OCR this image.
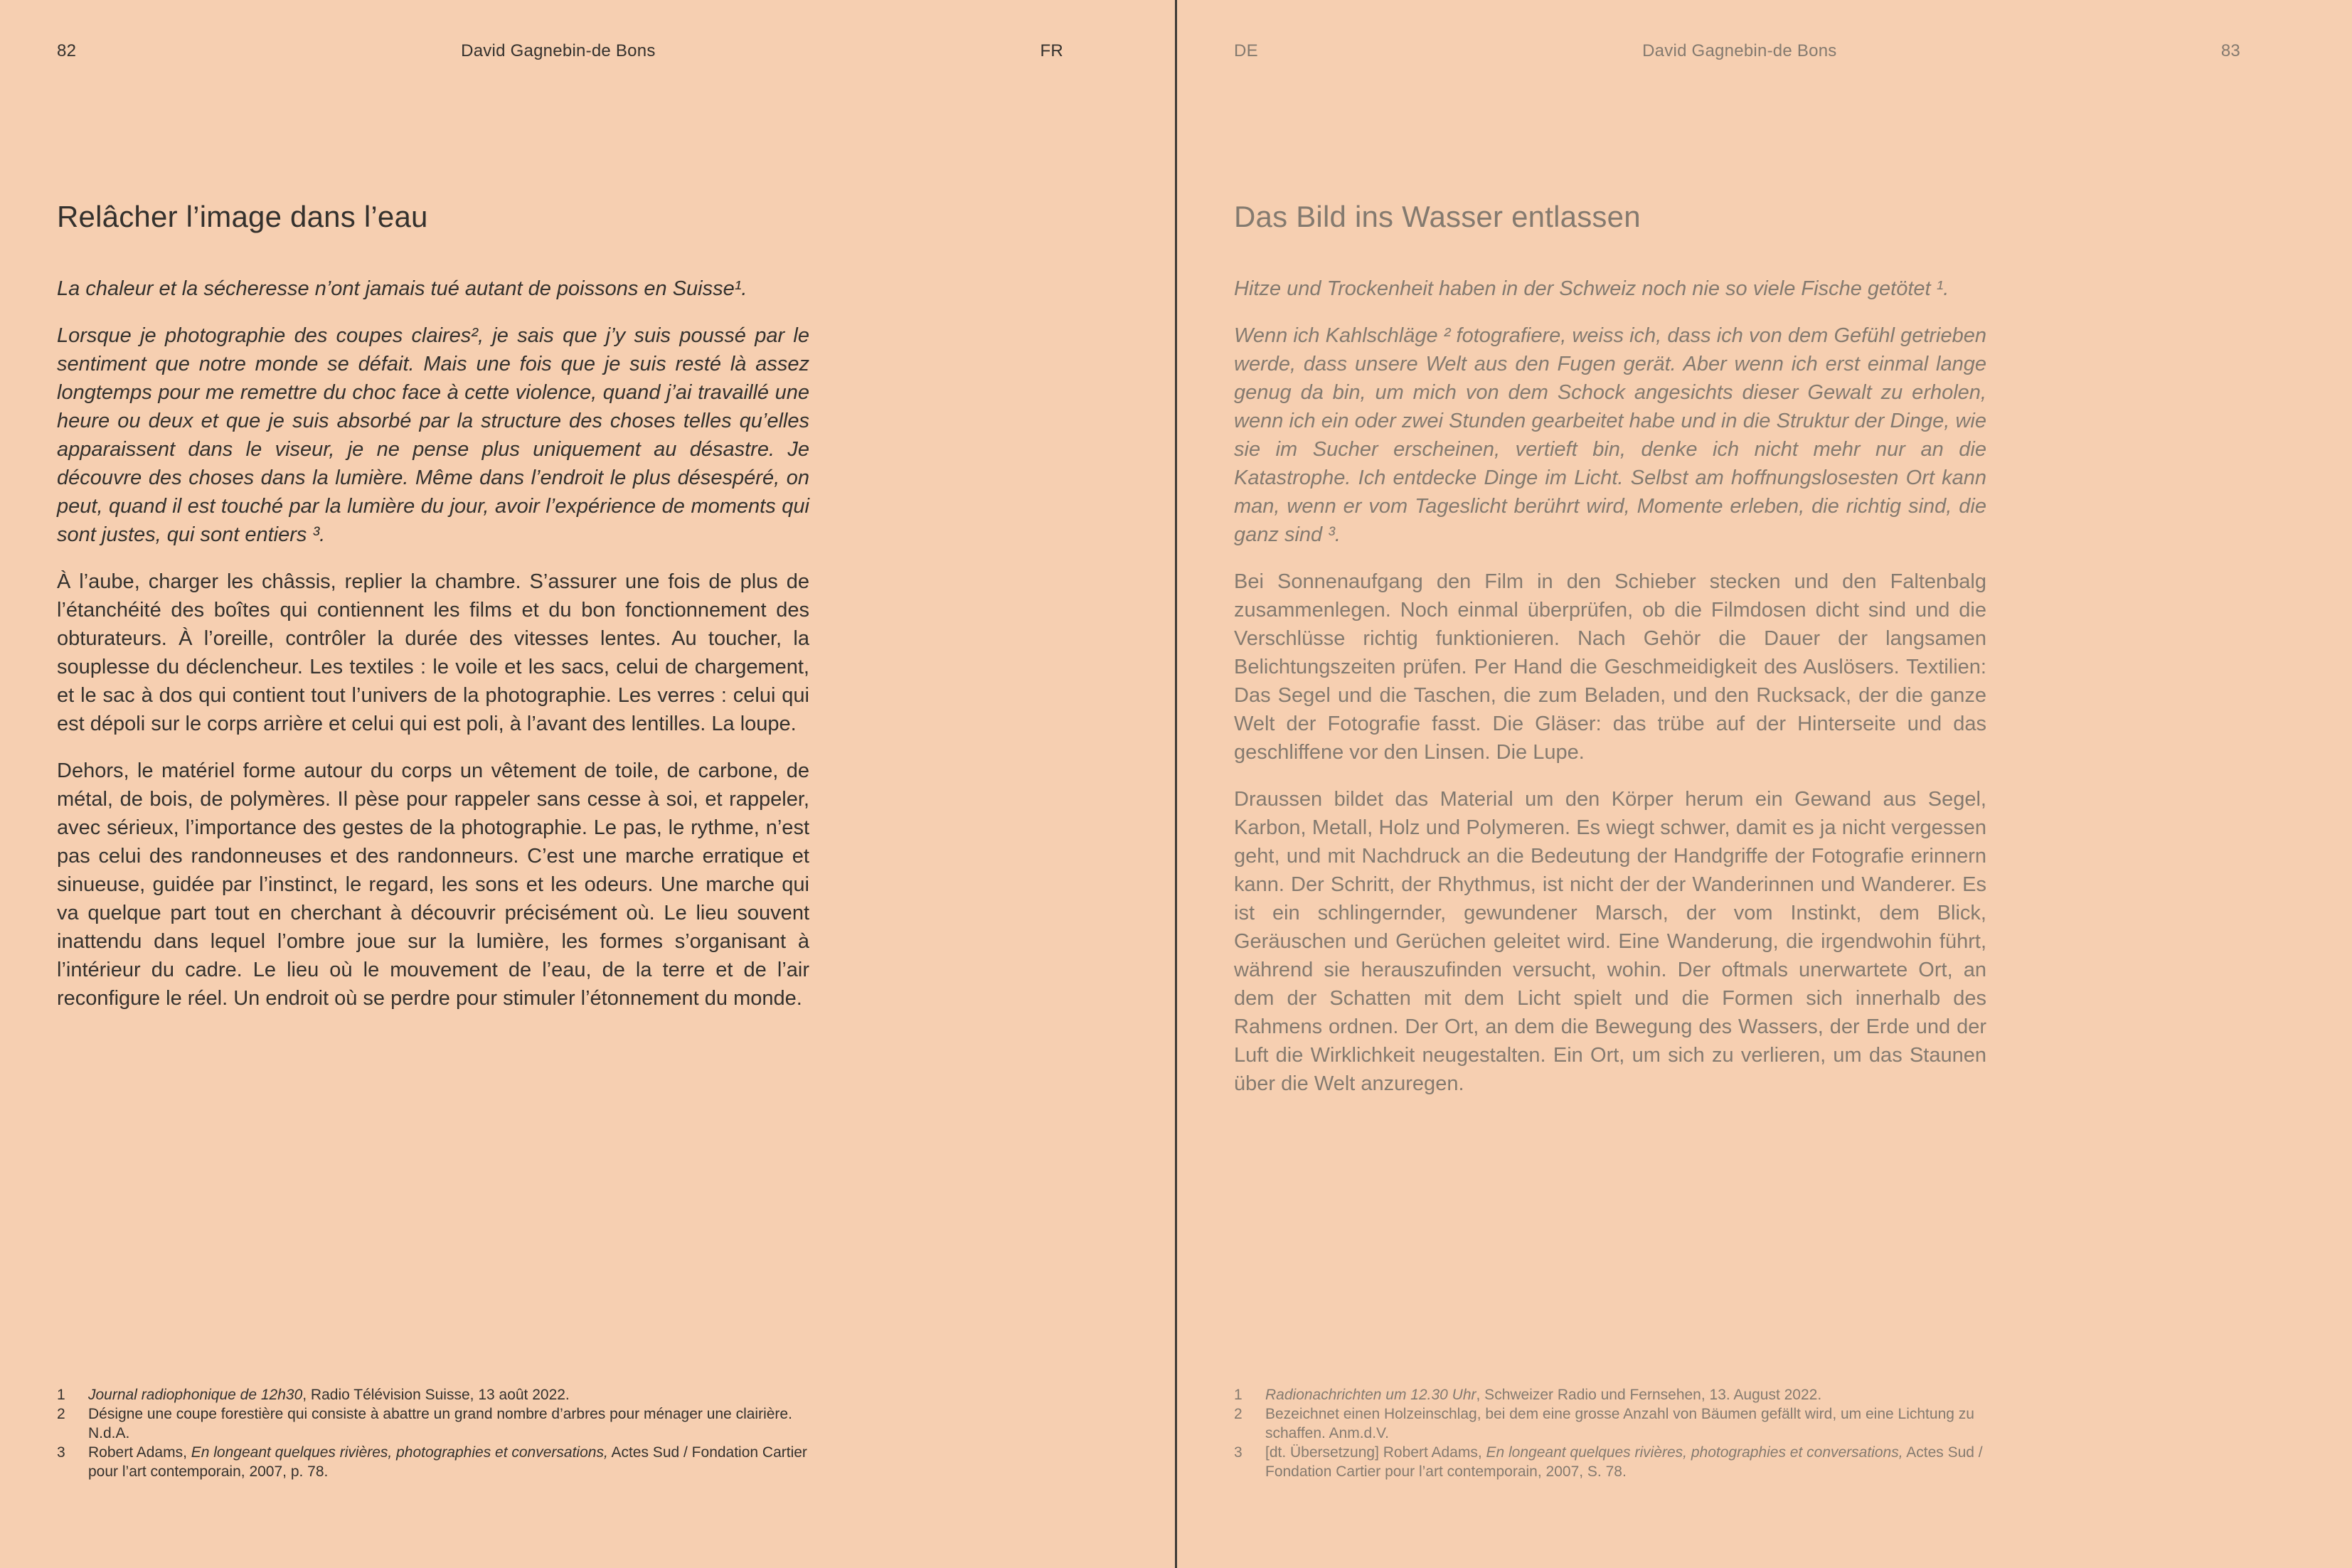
82	David Gagnebin-de Bons	FR
Relâcher l’image dans l’eau

La chaleur et la sécheresse n’ont jamais tué autant de poissons en Suisse¹.

Lorsque je photographie des coupes claires², je sais que j’y suis poussé par le sentiment que notre monde se défait. Mais une fois que je suis resté là assez longtemps pour me remettre du choc face à cette violence, quand j’ai travaillé une heure ou deux et que je suis absorbé par la structure des choses telles qu’elles apparaissent dans le viseur, je ne pense plus uniquement au désastre. Je découvre des choses dans la lumière. Même dans l’endroit le plus désespéré, on peut, quand il est touché par la lumière du jour, avoir l’expérience de moments qui sont justes, qui sont entiers ³.

À l’aube, charger les châssis, replier la chambre. S’assurer une fois de plus de l’étanchéité des boîtes qui contiennent les films et du bon fonctionnement des obturateurs. À l’oreille, contrôler la durée des vitesses lentes. Au toucher, la souplesse du déclencheur. Les textiles : le voile et les sacs, celui de chargement, et le sac à dos qui contient tout l’univers de la photographie. Les verres : celui qui est dépoli sur le corps arrière et celui qui est poli, à l’avant des lentilles. La loupe.

Dehors, le matériel forme autour du corps un vêtement de toile, de carbone, de métal, de bois, de polymères. Il pèse pour rappeler sans cesse à soi, et rappeler, avec sérieux, l’importance des gestes de la photographie. Le pas, le rythme, n’est pas celui des randonneuses et des randonneurs. C’est une marche erratique et sinueuse, guidée par l’instinct, le regard, les sons et les odeurs. Une marche qui va quelque part tout en cherchant à découvrir précisément où. Le lieu souvent inattendu dans lequel l’ombre joue sur la lumière, les formes s’organisant à l’intérieur du cadre. Le lieu où le mouvement de l’eau, de la terre et de l’air reconfigure le réel. Un endroit où se perdre pour stimuler l’étonnement du monde.

1	Journal radiophonique de 12h30, Radio Télévision Suisse, 13 août 2022.
2	Désigne une coupe forestière qui consiste à abattre un grand nombre d’arbres pour ménager une clairière. N.d.A.
3	Robert Adams, En longeant quelques rivières, photographies et conversations, Actes Sud / Fondation Cartier pour l’art contemporain, 2007, p. 78.
DE	David Gagnebin-de Bons	83
Das Bild ins Wasser entlassen

Hitze und Trockenheit haben in der Schweiz noch nie so viele Fische getötet ¹.

Wenn ich Kahlschläge ² fotografiere, weiss ich, dass ich von dem Gefühl getrieben werde, dass unsere Welt aus den Fugen gerät. Aber wenn ich erst einmal lange genug da bin, um mich von dem Schock angesichts dieser Gewalt zu erholen, wenn ich ein oder zwei Stunden gearbeitet habe und in die Struktur der Dinge, wie sie im Sucher erscheinen, vertieft bin, denke ich nicht mehr nur an die Katastrophe. Ich entdecke Dinge im Licht. Selbst am hoffnungslosesten Ort kann man, wenn er vom Tageslicht berührt wird, Momente erleben, die richtig sind, die ganz sind ³.

Bei Sonnenaufgang den Film in den Schieber stecken und den Faltenbalg zusammenlegen. Noch einmal überprüfen, ob die Filmdosen dicht sind und die Verschlüsse richtig funktionieren. Nach Gehör die Dauer der langsamen Belichtungszeiten prüfen. Per Hand die Geschmeidigkeit des Auslösers. Textilien: Das Segel und die Taschen, die zum Beladen, und den Rucksack, der die ganze Welt der Fotografie fasst. Die Gläser: das trübe auf der Hinterseite und das geschliffene vor den Linsen. Die Lupe.

Draussen bildet das Material um den Körper herum ein Gewand aus Segel, Karbon, Metall, Holz und Polymeren. Es wiegt schwer, damit es ja nicht vergessen geht, und mit Nachdruck an die Bedeutung der Handgriffe der Fotografie erinnern kann. Der Schritt, der Rhythmus, ist nicht der der Wanderinnen und Wanderer. Es ist ein schlingernder, gewundener Marsch, der vom Instinkt, dem Blick, Geräuschen und Gerüchen geleitet wird. Eine Wanderung, die irgendwohin führt, während sie herauszufinden versucht, wohin. Der oftmals unerwartete Ort, an dem der Schatten mit dem Licht spielt und die Formen sich innerhalb des Rahmens ordnen. Der Ort, an dem die Bewegung des Wassers, der Erde und der Luft die Wirklichkeit neugestalten. Ein Ort, um sich zu verlieren, um das Staunen über die Welt anzuregen.

1	Radionachrichten um 12.30 Uhr, Schweizer Radio und Fernsehen, 13. August 2022.
2	Bezeichnet einen Holzeinschlag, bei dem eine grosse Anzahl von Bäumen gefällt wird, um eine Lichtung zu schaffen. Anm.d.V.
3	[dt. Übersetzung] Robert Adams, En longeant quelques rivières, photographies et conversations, Actes Sud / Fondation Cartier pour l’art contemporain, 2007, S. 78.
